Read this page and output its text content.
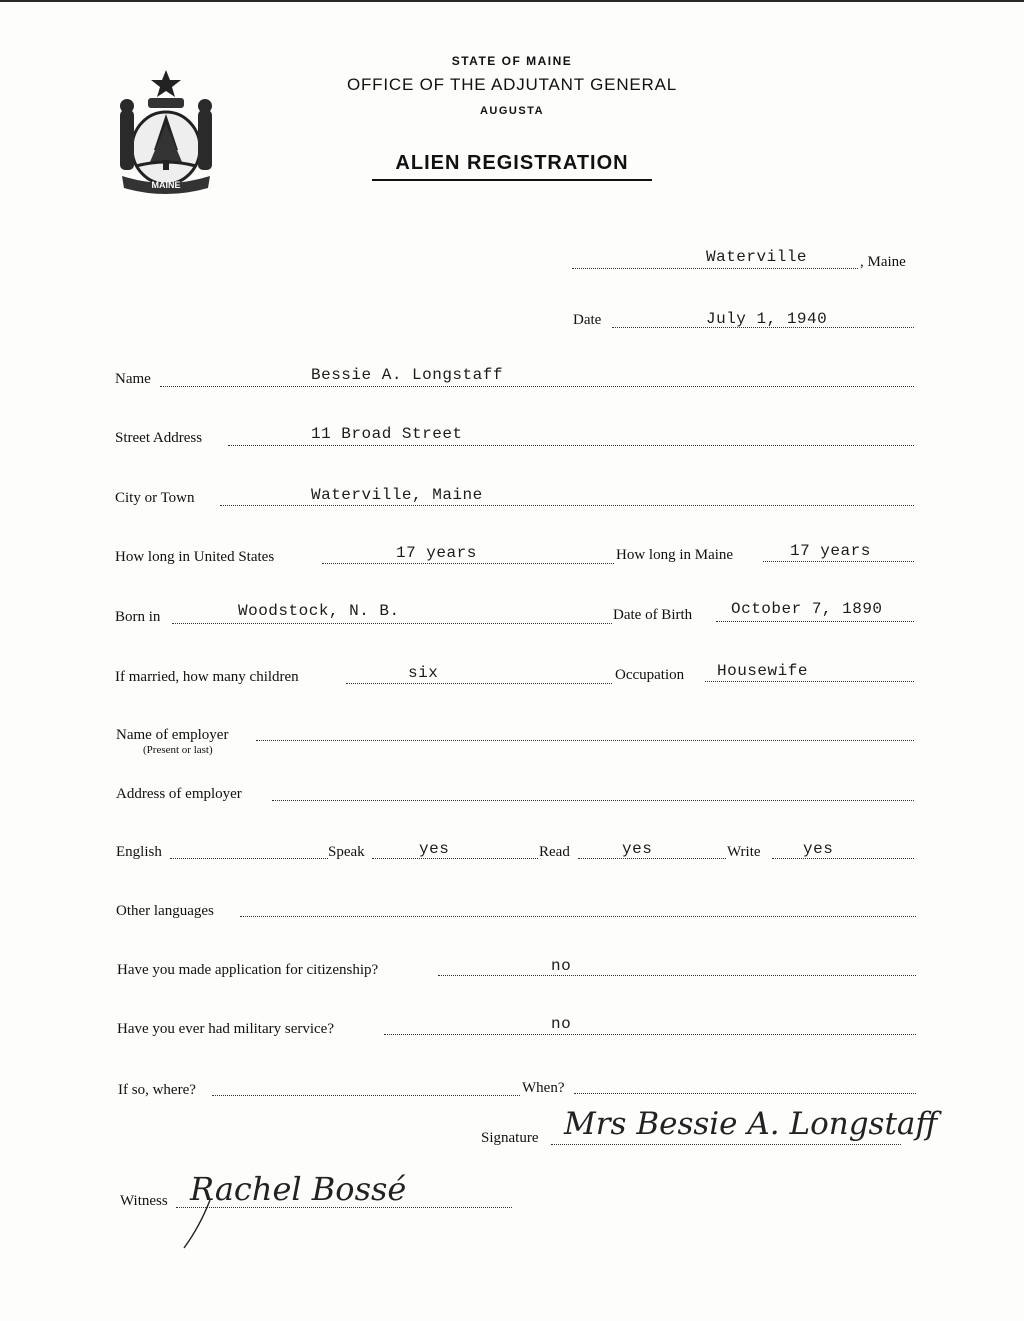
MAINE
STATE OF MAINE
OFFICE OF THE ADJUTANT GENERAL
AUGUSTA
ALIEN REGISTRATION
Waterville	, Maine
Date	July 1, 1940
Name	Bessie A. Longstaff
Street Address	11 Broad Street
City or Town	Waterville, Maine
How long in United States	17 years	How long in Maine	17 years
Born in	Woodstock, N. B.	Date of Birth October 7, 1890
If married, how many children	six	Occupation Housewife
Name of employer
(Present or last)
Address of employer
English	Speak	yes	Read	yes	Write	yes
Other languages
Have you made application for citizenship?	no
Have you ever had military service?	no
If so, where?	When?
Signature Mrs Bessie A. Longstaff
Witness Rachel Bossé
